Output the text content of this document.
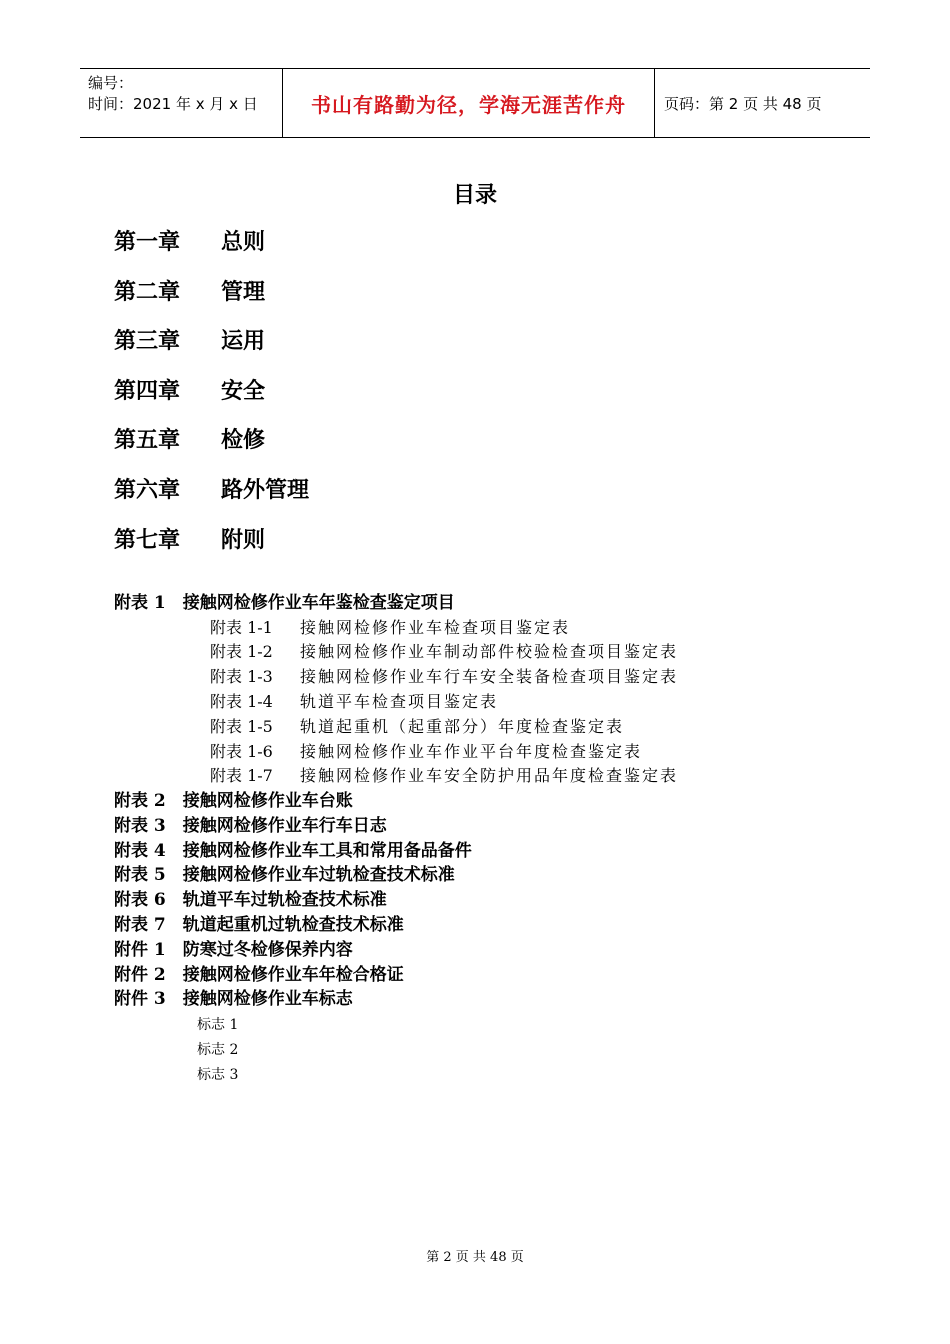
编号：
时间：2021 年 x 月 x 日	书山有路勤为径，学海无涯苦作舟	页码：第 2 页 共 48 页
目录
第一章 总则
第二章 管理
第三章 运用
第四章 安全
第五章 检修
第六章 路外管理
第七章 附则
附表 1　接触网检修作业车年鉴检查鉴定项目
附表 1-1 接触网检修作业车检查项目鉴定表
附表 1-2 接触网检修作业车制动部件校验检查项目鉴定表
附表 1-3 接触网检修作业车行车安全装备检查项目鉴定表
附表 1-4 轨道平车检查项目鉴定表
附表 1-5 轨道起重机（起重部分）年度检查鉴定表
附表 1-6 接触网检修作业车作业平台年度检查鉴定表
附表 1-7 接触网检修作业车安全防护用品年度检查鉴定表
附表 2　接触网检修作业车台账
附表 3　接触网检修作业车行车日志
附表 4　接触网检修作业车工具和常用备品备件
附表 5　接触网检修作业车过轨检查技术标准
附表 6　轨道平车过轨检查技术标准
附表 7　轨道起重机过轨检查技术标准
附件 1　防寒过冬检修保养内容
附件 2　接触网检修作业车年检合格证
附件 3　接触网检修作业车标志
标志 1
标志 2
标志 3
第 2 页 共 48 页
